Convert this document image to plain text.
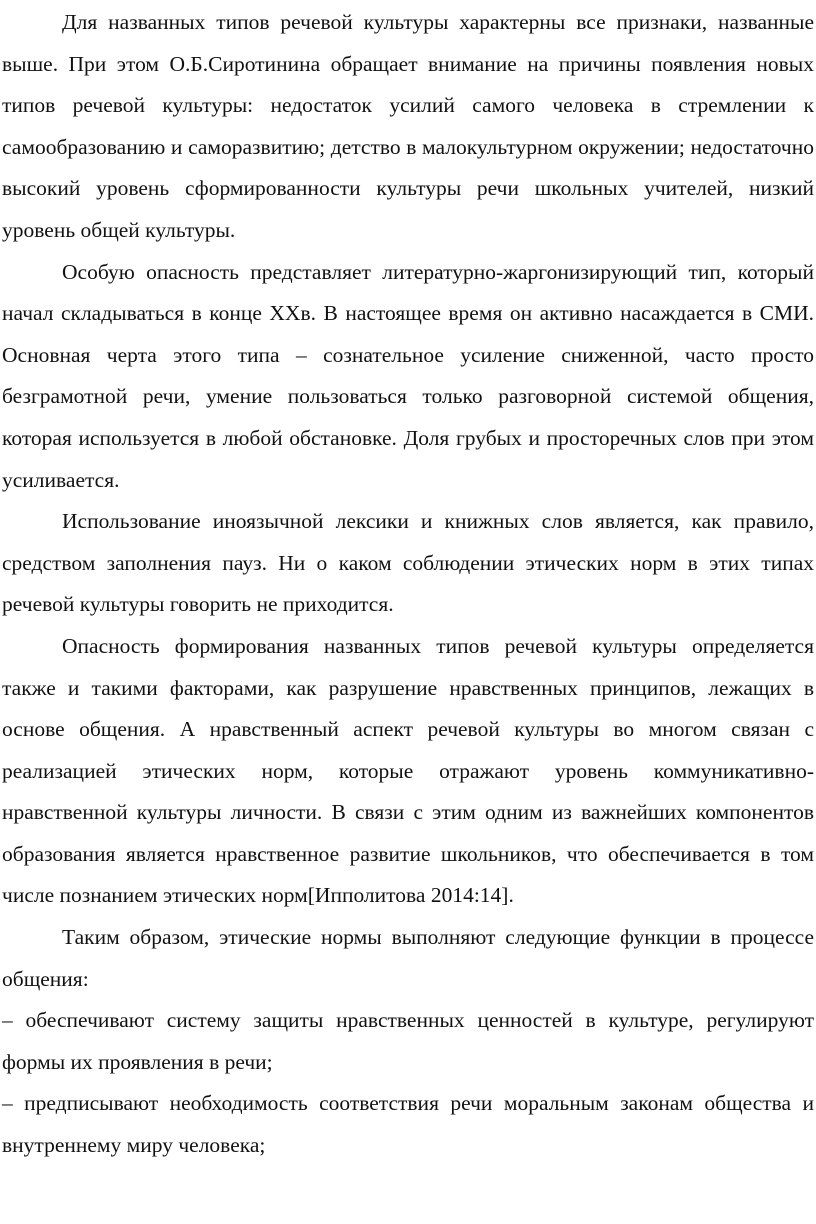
Для названных типов речевой культуры характерны все признаки, названные выше. При этом О.Б.Сиротинина обращает внимание на причины появления новых типов речевой культуры: недостаток усилий самого человека в стремлении к самообразованию и саморазвитию; детство в малокультурном окружении; недостаточно высокий уровень сформированности культуры речи школьных учителей, низкий уровень общей культуры.

Особую опасность представляет литературно-жаргонизирующий тип, который начал складываться в конце XXв. В настоящее время он активно насаждается в СМИ. Основная черта этого типа – сознательное усиление сниженной, часто просто безграмотной речи, умение пользоваться только разговорной системой общения, которая используется в любой обстановке. Доля грубых и просторечных слов при этом усиливается.

Использование иноязычной лексики и книжных слов является, как правило, средством заполнения пауз. Ни о каком соблюдении этических норм в этих типах речевой культуры говорить не приходится.

Опасность формирования названных типов речевой культуры определяется также и такими факторами, как разрушение нравственных принципов, лежащих в основе общения. А нравственный аспект речевой культуры во многом связан с реализацией этических норм, которые отражают уровень коммуникативно-нравственной культуры личности. В связи с этим одним из важнейших компонентов образования является нравственное развитие школьников, что обеспечивается в том числе познанием этических норм[Ипполитова 2014:14].

Таким образом, этические нормы выполняют следующие функции в процессе общения:

– обеспечивают систему защиты нравственных ценностей в культуре, регулируют формы их проявления в речи;

– предписывают необходимость соответствия речи моральным законам общества и внутреннему миру человека;
